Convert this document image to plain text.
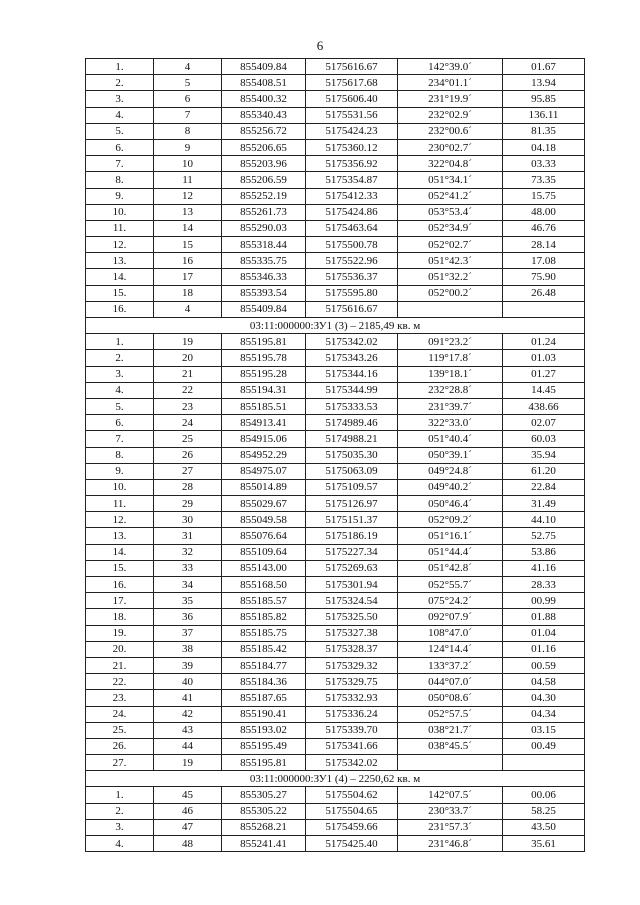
6
1.	4	855409.84	5175616.67	142°39.0´	01.67
2.	5	855408.51	5175617.68	234°01.1´	13.94
3.	6	855400.32	5175606.40	231°19.9´	95.85
4.	7	855340.43	5175531.56	232°02.9´	136.11
5.	8	855256.72	5175424.23	232°00.6´	81.35
6.	9	855206.65	5175360.12	230°02.7´	04.18
7.	10	855203.96	5175356.92	322°04.8´	03.33
8.	11	855206.59	5175354.87	051°34.1´	73.35
9.	12	855252.19	5175412.33	052°41.2´	15.75
10.	13	855261.73	5175424.86	053°53.4´	48.00
11.	14	855290.03	5175463.64	052°34.9´	46.76
12.	15	855318.44	5175500.78	052°02.7´	28.14
13.	16	855335.75	5175522.96	051°42.3´	17.08
14.	17	855346.33	5175536.37	051°32.2´	75.90
15.	18	855393.54	5175595.80	052°00.2´	26.48
16.	4	855409.84	5175616.67		
03:11:000000:ЗУ1 (3) – 2185,49 кв. м					
1.	19	855195.81	5175342.02	091°23.2´	01.24
2.	20	855195.78	5175343.26	119°17.8´	01.03
3.	21	855195.28	5175344.16	139°18.1´	01.27
4.	22	855194.31	5175344.99	232°28.8´	14.45
5.	23	855185.51	5175333.53	231°39.7´	438.66
6.	24	854913.41	5174989.46	322°33.0´	02.07
7.	25	854915.06	5174988.21	051°40.4´	60.03
8.	26	854952.29	5175035.30	050°39.1´	35.94
9.	27	854975.07	5175063.09	049°24.8´	61.20
10.	28	855014.89	5175109.57	049°40.2´	22.84
11.	29	855029.67	5175126.97	050°46.4´	31.49
12.	30	855049.58	5175151.37	052°09.2´	44.10
13.	31	855076.64	5175186.19	051°16.1´	52.75
14.	32	855109.64	5175227.34	051°44.4´	53.86
15.	33	855143.00	5175269.63	051°42.8´	41.16
16.	34	855168.50	5175301.94	052°55.7´	28.33
17.	35	855185.57	5175324.54	075°24.2´	00.99
18.	36	855185.82	5175325.50	092°07.9´	01.88
19.	37	855185.75	5175327.38	108°47.0´	01.04
20.	38	855185.42	5175328.37	124°14.4´	01.16
21.	39	855184.77	5175329.32	133°37.2´	00.59
22.	40	855184.36	5175329.75	044°07.0´	04.58
23.	41	855187.65	5175332.93	050°08.6´	04.30
24.	42	855190.41	5175336.24	052°57.5´	04.34
25.	43	855193.02	5175339.70	038°21.7´	03.15
26.	44	855195.49	5175341.66	038°45.5´	00.49
27.	19	855195.81	5175342.02		
03:11:000000:ЗУ1 (4) – 2250,62 кв. м					
1.	45	855305.27	5175504.62	142°07.5´	00.06
2.	46	855305.22	5175504.65	230°33.7´	58.25
3.	47	855268.21	5175459.66	231°57.3´	43.50
4.	48	855241.41	5175425.40	231°46.8´	35.61
